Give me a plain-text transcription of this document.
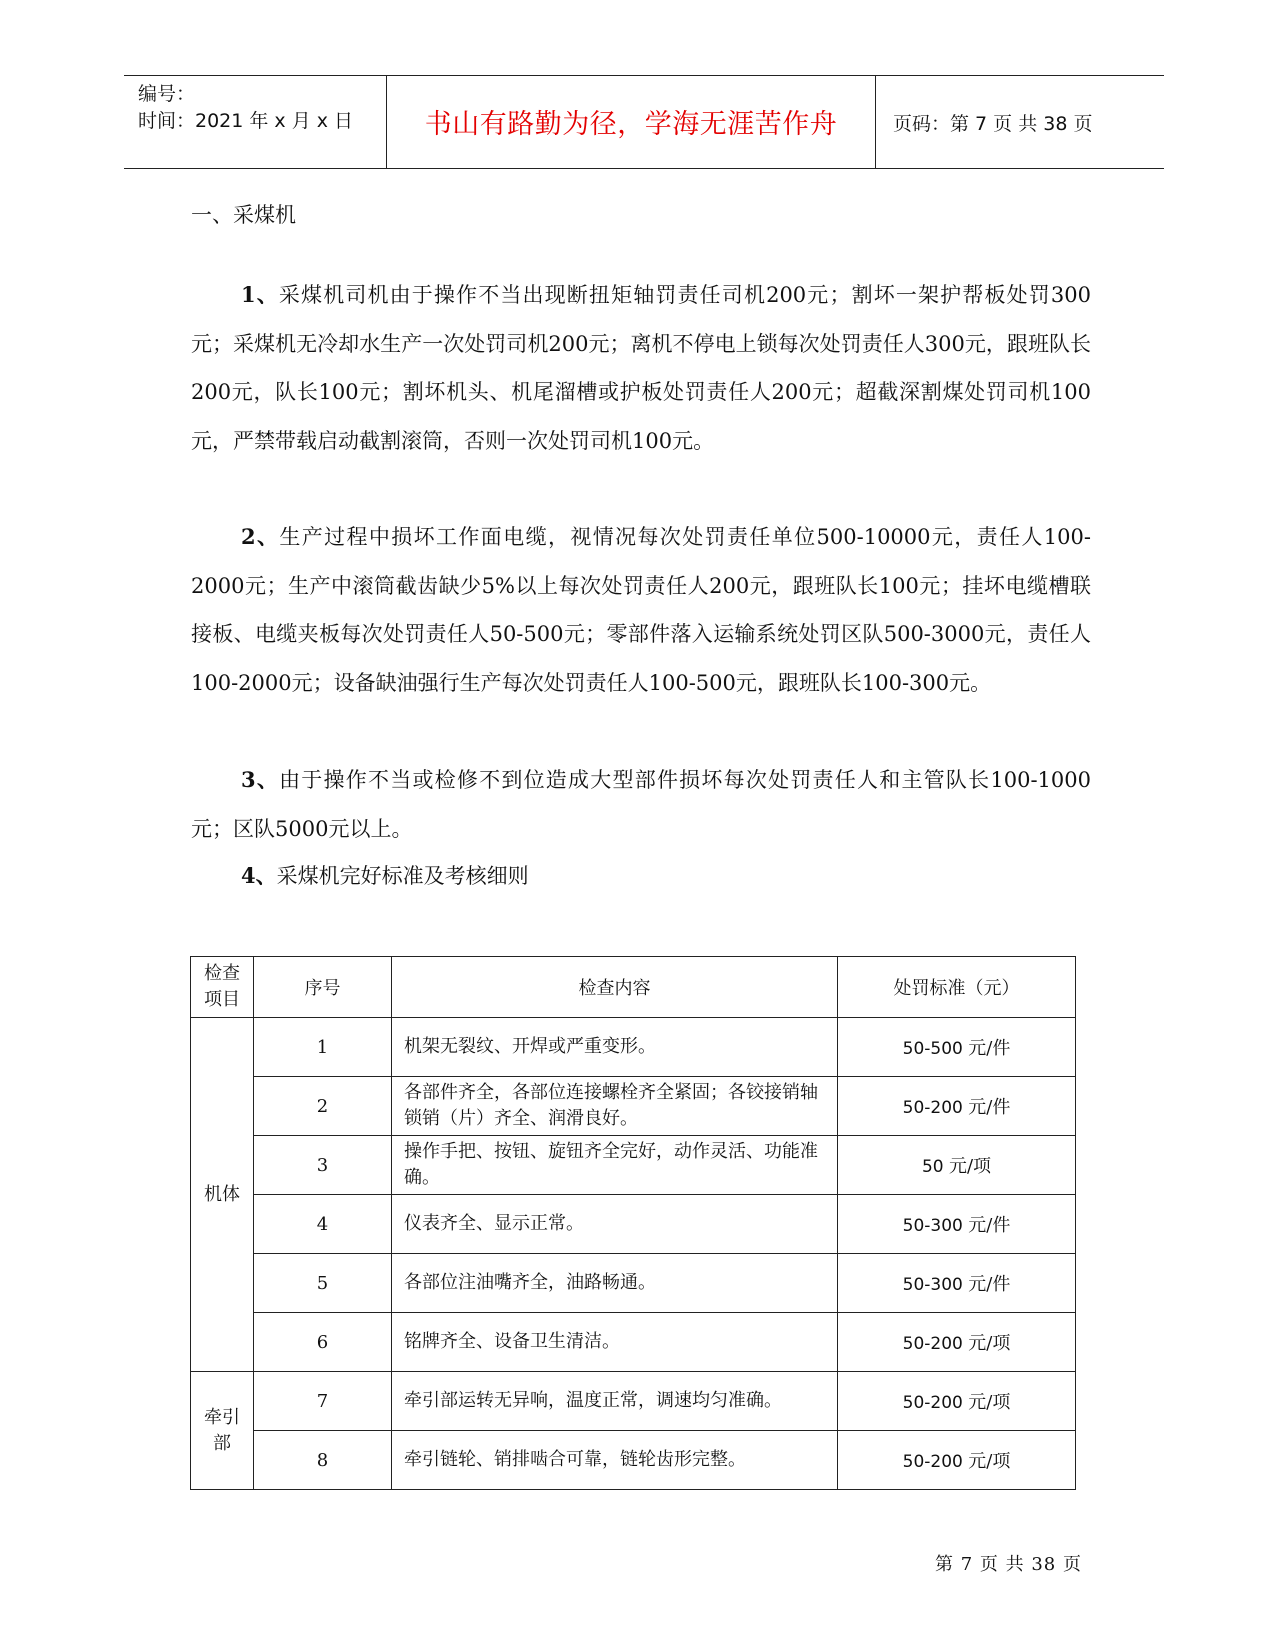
编号：
时间：2021 年 x 月 x 日	书山有路勤为径，学海无涯苦作舟	页码：第 7 页 共 38 页
一、采煤机
1、采煤机司机由于操作不当出现断扭矩轴罚责任司机200元；割坏一架护帮板处罚300元；采煤机无冷却水生产一次处罚司机200元；离机不停电上锁每次处罚责任人300元，跟班队长200元，队长100元；割坏机头、机尾溜槽或护板处罚责任人200元；超截深割煤处罚司机100元，严禁带载启动截割滚筒，否则一次处罚司机100元。
2、生产过程中损坏工作面电缆，视情况每次处罚责任单位500-10000元，责任人100-2000元；生产中滚筒截齿缺少5%以上每次处罚责任人200元，跟班队长100元；挂坏电缆槽联接板、电缆夹板每次处罚责任人50-500元；零部件落入运输系统处罚区队500-3000元，责任人100-2000元；设备缺油强行生产每次处罚责任人100-500元，跟班队长100-300元。
3、由于操作不当或检修不到位造成大型部件损坏每次处罚责任人和主管队长100-1000元；区队5000元以上。
4、采煤机完好标准及考核细则
检查项目	序号	检查内容	处罚标准（元）
机体	1	机架无裂纹、开焊或严重变形。	50-500 元/件
	2	各部件齐全，各部位连接螺栓齐全紧固；各铰接销轴锁销（片）齐全、润滑良好。	50-200 元/件
	3	操作手把、按钮、旋钮齐全完好，动作灵活、功能准确。	50 元/项
	4	仪表齐全、显示正常。	50-300 元/件
	5	各部位注油嘴齐全，油路畅通。	50-300 元/件
	6	铭牌齐全、设备卫生清洁。	50-200 元/项
牵引部	7	牵引部运转无异响，温度正常，调速均匀准确。	50-200 元/项
	8	牵引链轮、销排啮合可靠，链轮齿形完整。	50-200 元/项
第 7 页 共 38 页
